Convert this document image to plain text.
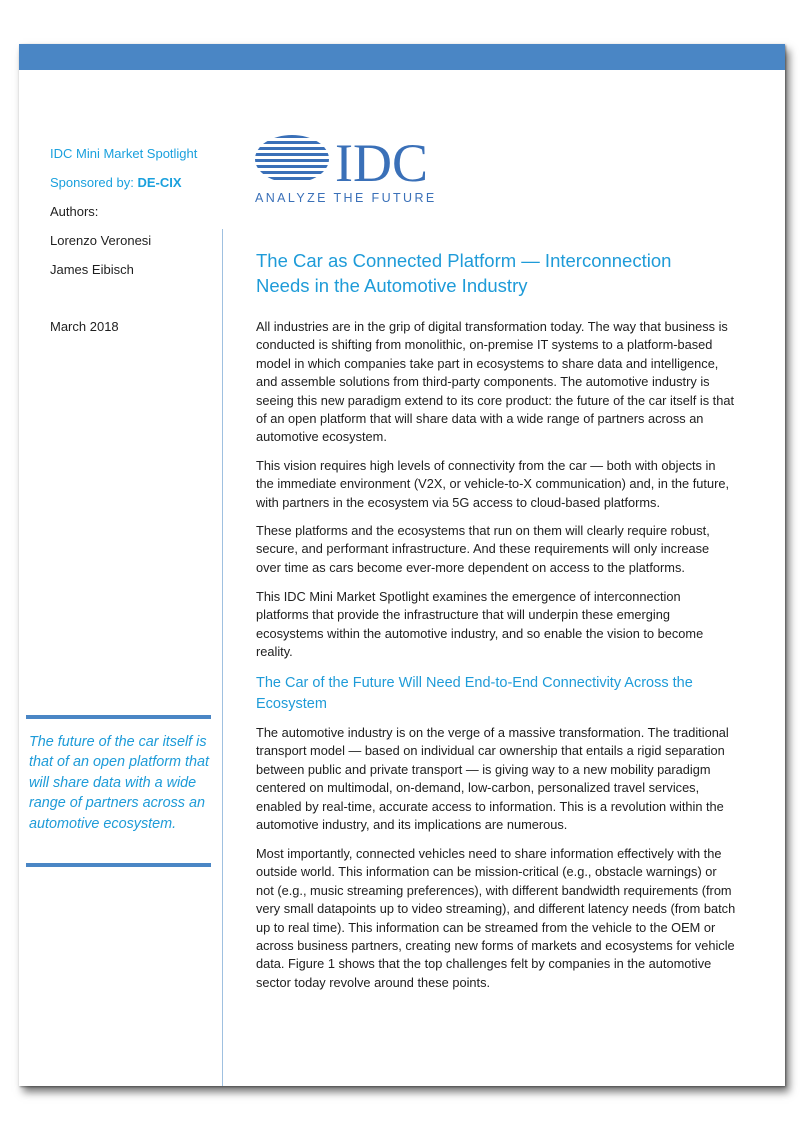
IDC Mini Market Spotlight
Sponsored by: DE-CIX
Authors:
Lorenzo Veronesi
James Eibisch
March 2018
IDC
ANALYZE THE FUTURE
The Car as Connected Platform — Interconnection Needs in the Automotive Industry
All industries are in the grip of digital transformation today. The way that business is conducted is shifting from monolithic, on-premise IT systems to a platform-based model in which companies take part in ecosystems to share data and intelligence, and assemble solutions from third-party components. The automotive industry is seeing this new paradigm extend to its core product: the future of the car itself is that of an open platform that will share data with a wide range of partners across an automotive ecosystem.
This vision requires high levels of connectivity from the car — both with objects in the immediate environment (V2X, or vehicle-to-X communication) and, in the future, with partners in the ecosystem via 5G access to cloud-based platforms.
These platforms and the ecosystems that run on them will clearly require robust, secure, and performant infrastructure. And these requirements will only increase over time as cars become ever-more dependent on access to the platforms.
This IDC Mini Market Spotlight examines the emergence of interconnection platforms that provide the infrastructure that will underpin these emerging ecosystems within the automotive industry, and so enable the vision to become reality.
The Car of the Future Will Need End-to-End Connectivity Across the Ecosystem
The automotive industry is on the verge of a massive transformation. The traditional transport model — based on individual car ownership that entails a rigid separation between public and private transport — is giving way to a new mobility paradigm centered on multimodal, on-demand, low-carbon, personalized travel services, enabled by real-time, accurate access to information. This is a revolution within the automotive industry, and its implications are numerous.
Most importantly, connected vehicles need to share information effectively with the outside world. This information can be mission-critical (e.g., obstacle warnings) or not (e.g., music streaming preferences), with different bandwidth requirements (from very small datapoints up to video streaming), and different latency needs (from batch up to real time). This information can be streamed from the vehicle to the OEM or across business partners, creating new forms of markets and ecosystems for vehicle data. Figure 1 shows that the top challenges felt by companies in the automotive sector today revolve around these points.
The future of the car itself is that of an open platform that will share data with a wide range of partners across an automotive ecosystem.
